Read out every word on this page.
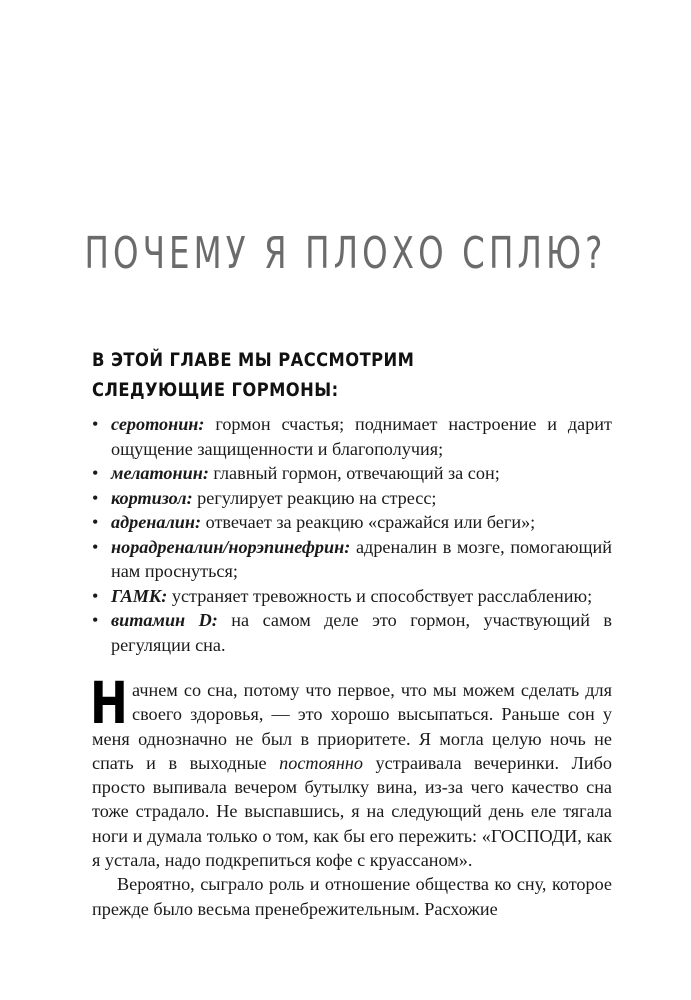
ПОЧЕМУ Я ПЛОХО СПЛЮ?
В ЭТОЙ ГЛАВЕ МЫ РАССМОТРИМ
СЛЕДУЮЩИЕ ГОРМОНЫ:
• серотонин: гормон счастья; поднимает настроение и дарит ощущение защищенности и благополучия;
• мелатонин: главный гормон, отвечающий за сон;
• кортизол: регулирует реакцию на стресс;
• адреналин: отвечает за реакцию «сражайся или беги»;
• норадреналин/норэпинефрин: адреналин в мозге, помогающий нам проснуться;
• ГАМК: устраняет тревожность и способствует расслаблению;
• витамин D: на самом деле это гормон, участвующий в регуляции сна.

Начнем со сна, потому что первое, что мы можем сделать для своего здоровья, — это хорошо высыпаться. Раньше сон у меня однозначно не был в приоритете. Я могла целую ночь не спать и в выходные постоянно устраивала вечеринки. Либо просто выпивала вечером бутылку вина, из-за чего качество сна тоже страдало. Не выспавшись, я на следующий день еле тягала ноги и думала только о том, как бы его пережить: «ГОСПОДИ, как я устала, надо подкрепиться кофе с круассаном».

Вероятно, сыграло роль и отношение общества ко сну, которое прежде было весьма пренебрежительным. Расхожие
